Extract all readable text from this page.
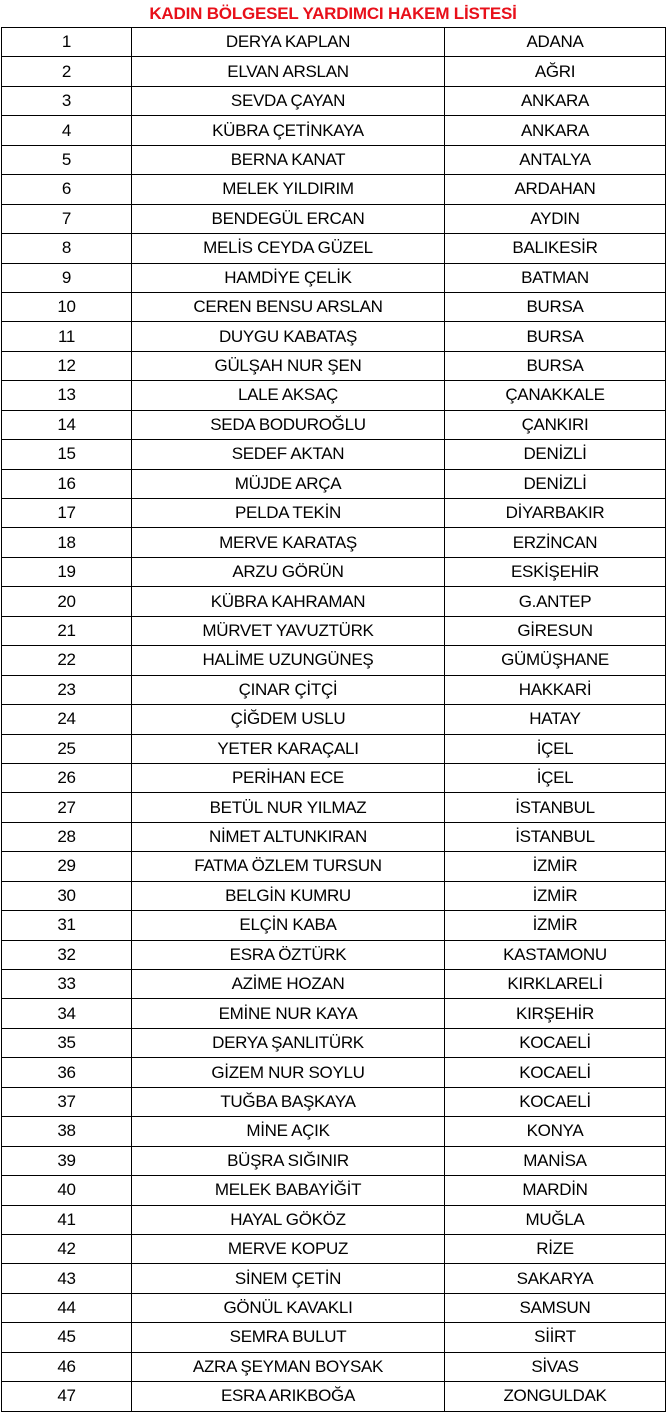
KADIN BÖLGESEL YARDIMCI HAKEM LİSTESİ
1	DERYA KAPLAN	ADANA
2	ELVAN ARSLAN	AĞRI
3	SEVDA ÇAYAN	ANKARA
4	KÜBRA ÇETİNKAYA	ANKARA
5	BERNA KANAT	ANTALYA
6	MELEK YILDIRIM	ARDAHAN
7	BENDEGÜL ERCAN	AYDIN
8	MELİS CEYDA GÜZEL	BALIKESİR
9	HAMDİYE ÇELİK	BATMAN
10	CEREN BENSU ARSLAN	BURSA
11	DUYGU KABATAŞ	BURSA
12	GÜLŞAH NUR ŞEN	BURSA
13	LALE AKSAÇ	ÇANAKKALE
14	SEDA BODUROĞLU	ÇANKIRI
15	SEDEF AKTAN	DENİZLİ
16	MÜJDE ARÇA	DENİZLİ
17	PELDA TEKİN	DİYARBAKIR
18	MERVE KARATAŞ	ERZİNCAN
19	ARZU GÖRÜN	ESKİŞEHİR
20	KÜBRA KAHRAMAN	G.ANTEP
21	MÜRVET YAVUZTÜRK	GİRESUN
22	HALİME UZUNGÜNEŞ	GÜMÜŞHANE
23	ÇINAR ÇİTÇİ	HAKKARİ
24	ÇİĞDEM USLU	HATAY
25	YETER KARAÇALI	İÇEL
26	PERİHAN ECE	İÇEL
27	BETÜL NUR YILMAZ	İSTANBUL
28	NİMET ALTUNKIRAN	İSTANBUL
29	FATMA ÖZLEM TURSUN	İZMİR
30	BELGİN KUMRU	İZMİR
31	ELÇİN KABA	İZMİR
32	ESRA ÖZTÜRK	KASTAMONU
33	AZİME HOZAN	KIRKLARELİ
34	EMİNE NUR KAYA	KIRŞEHİR
35	DERYA ŞANLITÜRK	KOCAELİ
36	GİZEM NUR SOYLU	KOCAELİ
37	TUĞBA BAŞKAYA	KOCAELİ
38	MİNE AÇIK	KONYA
39	BÜŞRA SIĞINIR	MANİSA
40	MELEK BABAYİĞİT	MARDİN
41	HAYAL GÖKÖZ	MUĞLA
42	MERVE KOPUZ	RİZE
43	SİNEM ÇETİN	SAKARYA
44	GÖNÜL KAVAKLI	SAMSUN
45	SEMRA BULUT	SİİRT
46	AZRA ŞEYMAN BOYSAK	SİVAS
47	ESRA ARIKBOĞA	ZONGULDAK
